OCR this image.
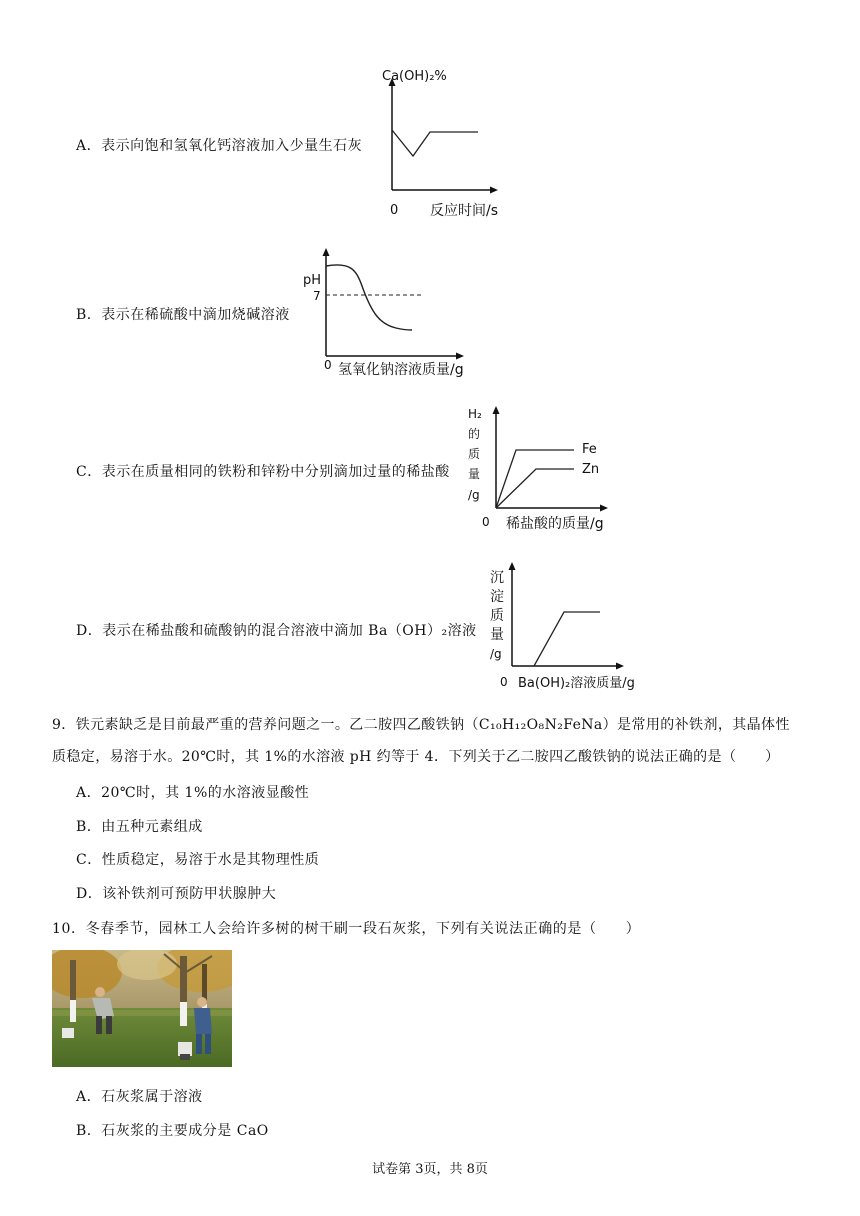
A．表示向饱和氢氧化钙溶液加入少量生石灰
B．表示在稀硫酸中滴加烧碱溶液
C．表示在质量相同的铁粉和锌粉中分别滴加过量的稀盐酸
D．表示在稀盐酸和硫酸钠的混合溶液中滴加 Ba（OH）₂溶液
Ca(OH)₂%
0 反应时间/s
pH
7
0 氢氧化钠溶液质量/g
H₂
的
质
量
/g
Fe
Zn
0 稀盐酸的质量/g
沉
淀
质
量
/g
0 Ba(OH)₂溶液质量/g
9．铁元素缺乏是目前最严重的营养问题之一。乙二胺四乙酸铁钠（C₁₀H₁₂O₈N₂FeNa）是常用的补铁剂，其晶体性
质稳定，易溶于水。20℃时，其 1%的水溶液 pH 约等于 4．下列关于乙二胺四乙酸铁钠的说法正确的是（　　）
A．20℃时，其 1%的水溶液显酸性
B．由五种元素组成
C．性质稳定，易溶于水是其物理性质
D．该补铁剂可预防甲状腺肿大
10．冬春季节，园林工人会给许多树的树干刷一段石灰浆，下列有关说法正确的是（　　）
A．石灰浆属于溶液
B．石灰浆的主要成分是 CaO
试卷第 3页，共 8页
